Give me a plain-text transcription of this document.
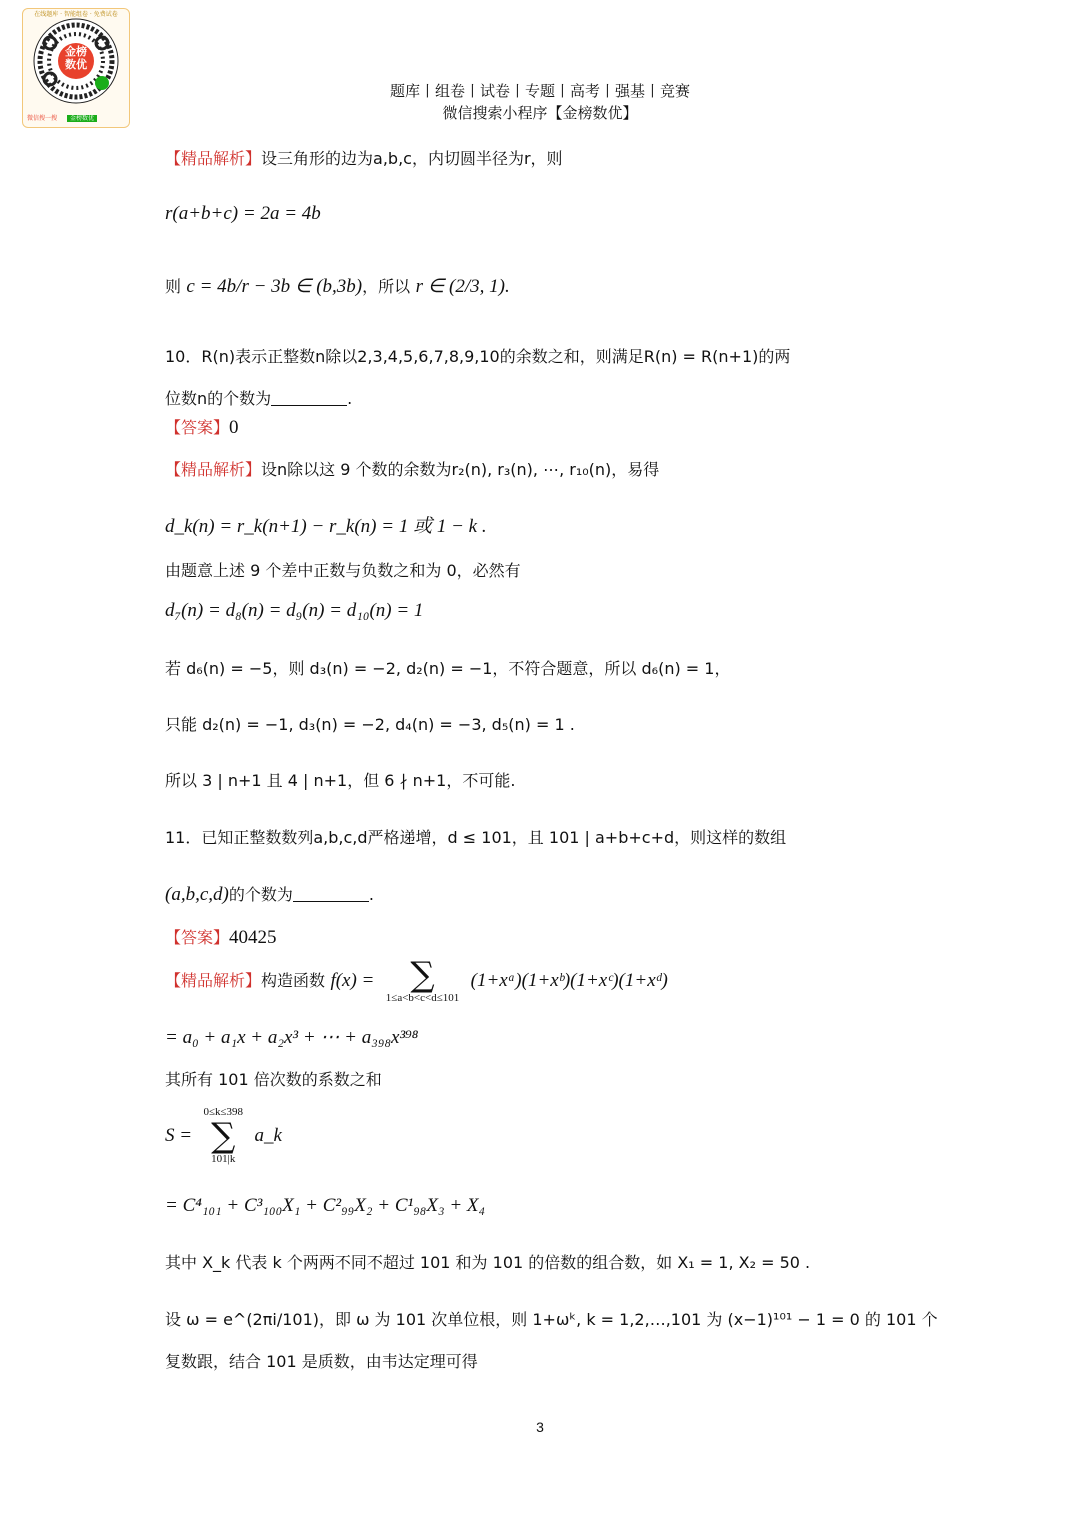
金榜数优
在线题库 · 智能组卷 · 免费试卷
微信搜一搜 金榜数优
题库丨组卷丨试卷丨专题丨高考丨强基丨竞赛
微信搜索小程序【金榜数优】
【精品解析】设三角形的边为a,b,c，内切圆半径为r，则
r(a+b+c) = 2a = 4b
则 c = 4b/r − 3b ∈ (b,3b)，所以 r ∈ (2/3, 1).
10．R(n)表示正整数n除以2,3,4,5,6,7,8,9,10的余数之和，则满足R(n) = R(n+1)的两
位数n的个数为	.
【答案】0
【精品解析】设n除以这 9 个数的余数为r₂(n), r₃(n), ⋯, r₁₀(n)，易得
d_k(n) = r_k(n+1) − r_k(n) = 1 或 1 − k .
由题意上述 9 个差中正数与负数之和为 0，必然有
d₇(n) = d₈(n) = d₉(n) = d₁₀(n) = 1
若 d₆(n) = −5，则 d₃(n) = −2, d₂(n) = −1，不符合题意，所以 d₆(n) = 1，
只能 d₂(n) = −1, d₃(n) = −2, d₄(n) = −3, d₅(n) = 1 .
所以 3 | n+1 且 4 | n+1，但 6 ∤ n+1，不可能.
11．已知正整数数列a,b,c,d严格递增，d ≤ 101，且 101 | a+b+c+d，则这样的数组
(a,b,c,d)的个数为	.
【答案】40425
【精品解析】构造函数 f(x) =	∑
1≤a<b<c<d≤101
(1+xᵃ)(1+xᵇ)(1+xᶜ)(1+xᵈ)
= a₀ + a₁x + a₂x³ + ⋯ + a₃₉₈x³⁹⁸
其所有 101 倍次数的系数之和
S =
0≤k≤398
∑
101|k
a_k
= C⁴₁₀₁ + C³₁₀₀X₁ + C²₉₉X₂ + C¹₉₈X₃ + X₄
其中 X_k 代表 k 个两两不同不超过 101 和为 101 的倍数的组合数，如 X₁ = 1, X₂ = 50 .
设 ω = e^(2πi/101)，即 ω 为 101 次单位根，则 1+ωᵏ, k = 1,2,…,101 为 (x−1)¹⁰¹ − 1 = 0 的 101 个
复数跟，结合 101 是质数，由韦达定理可得
3
